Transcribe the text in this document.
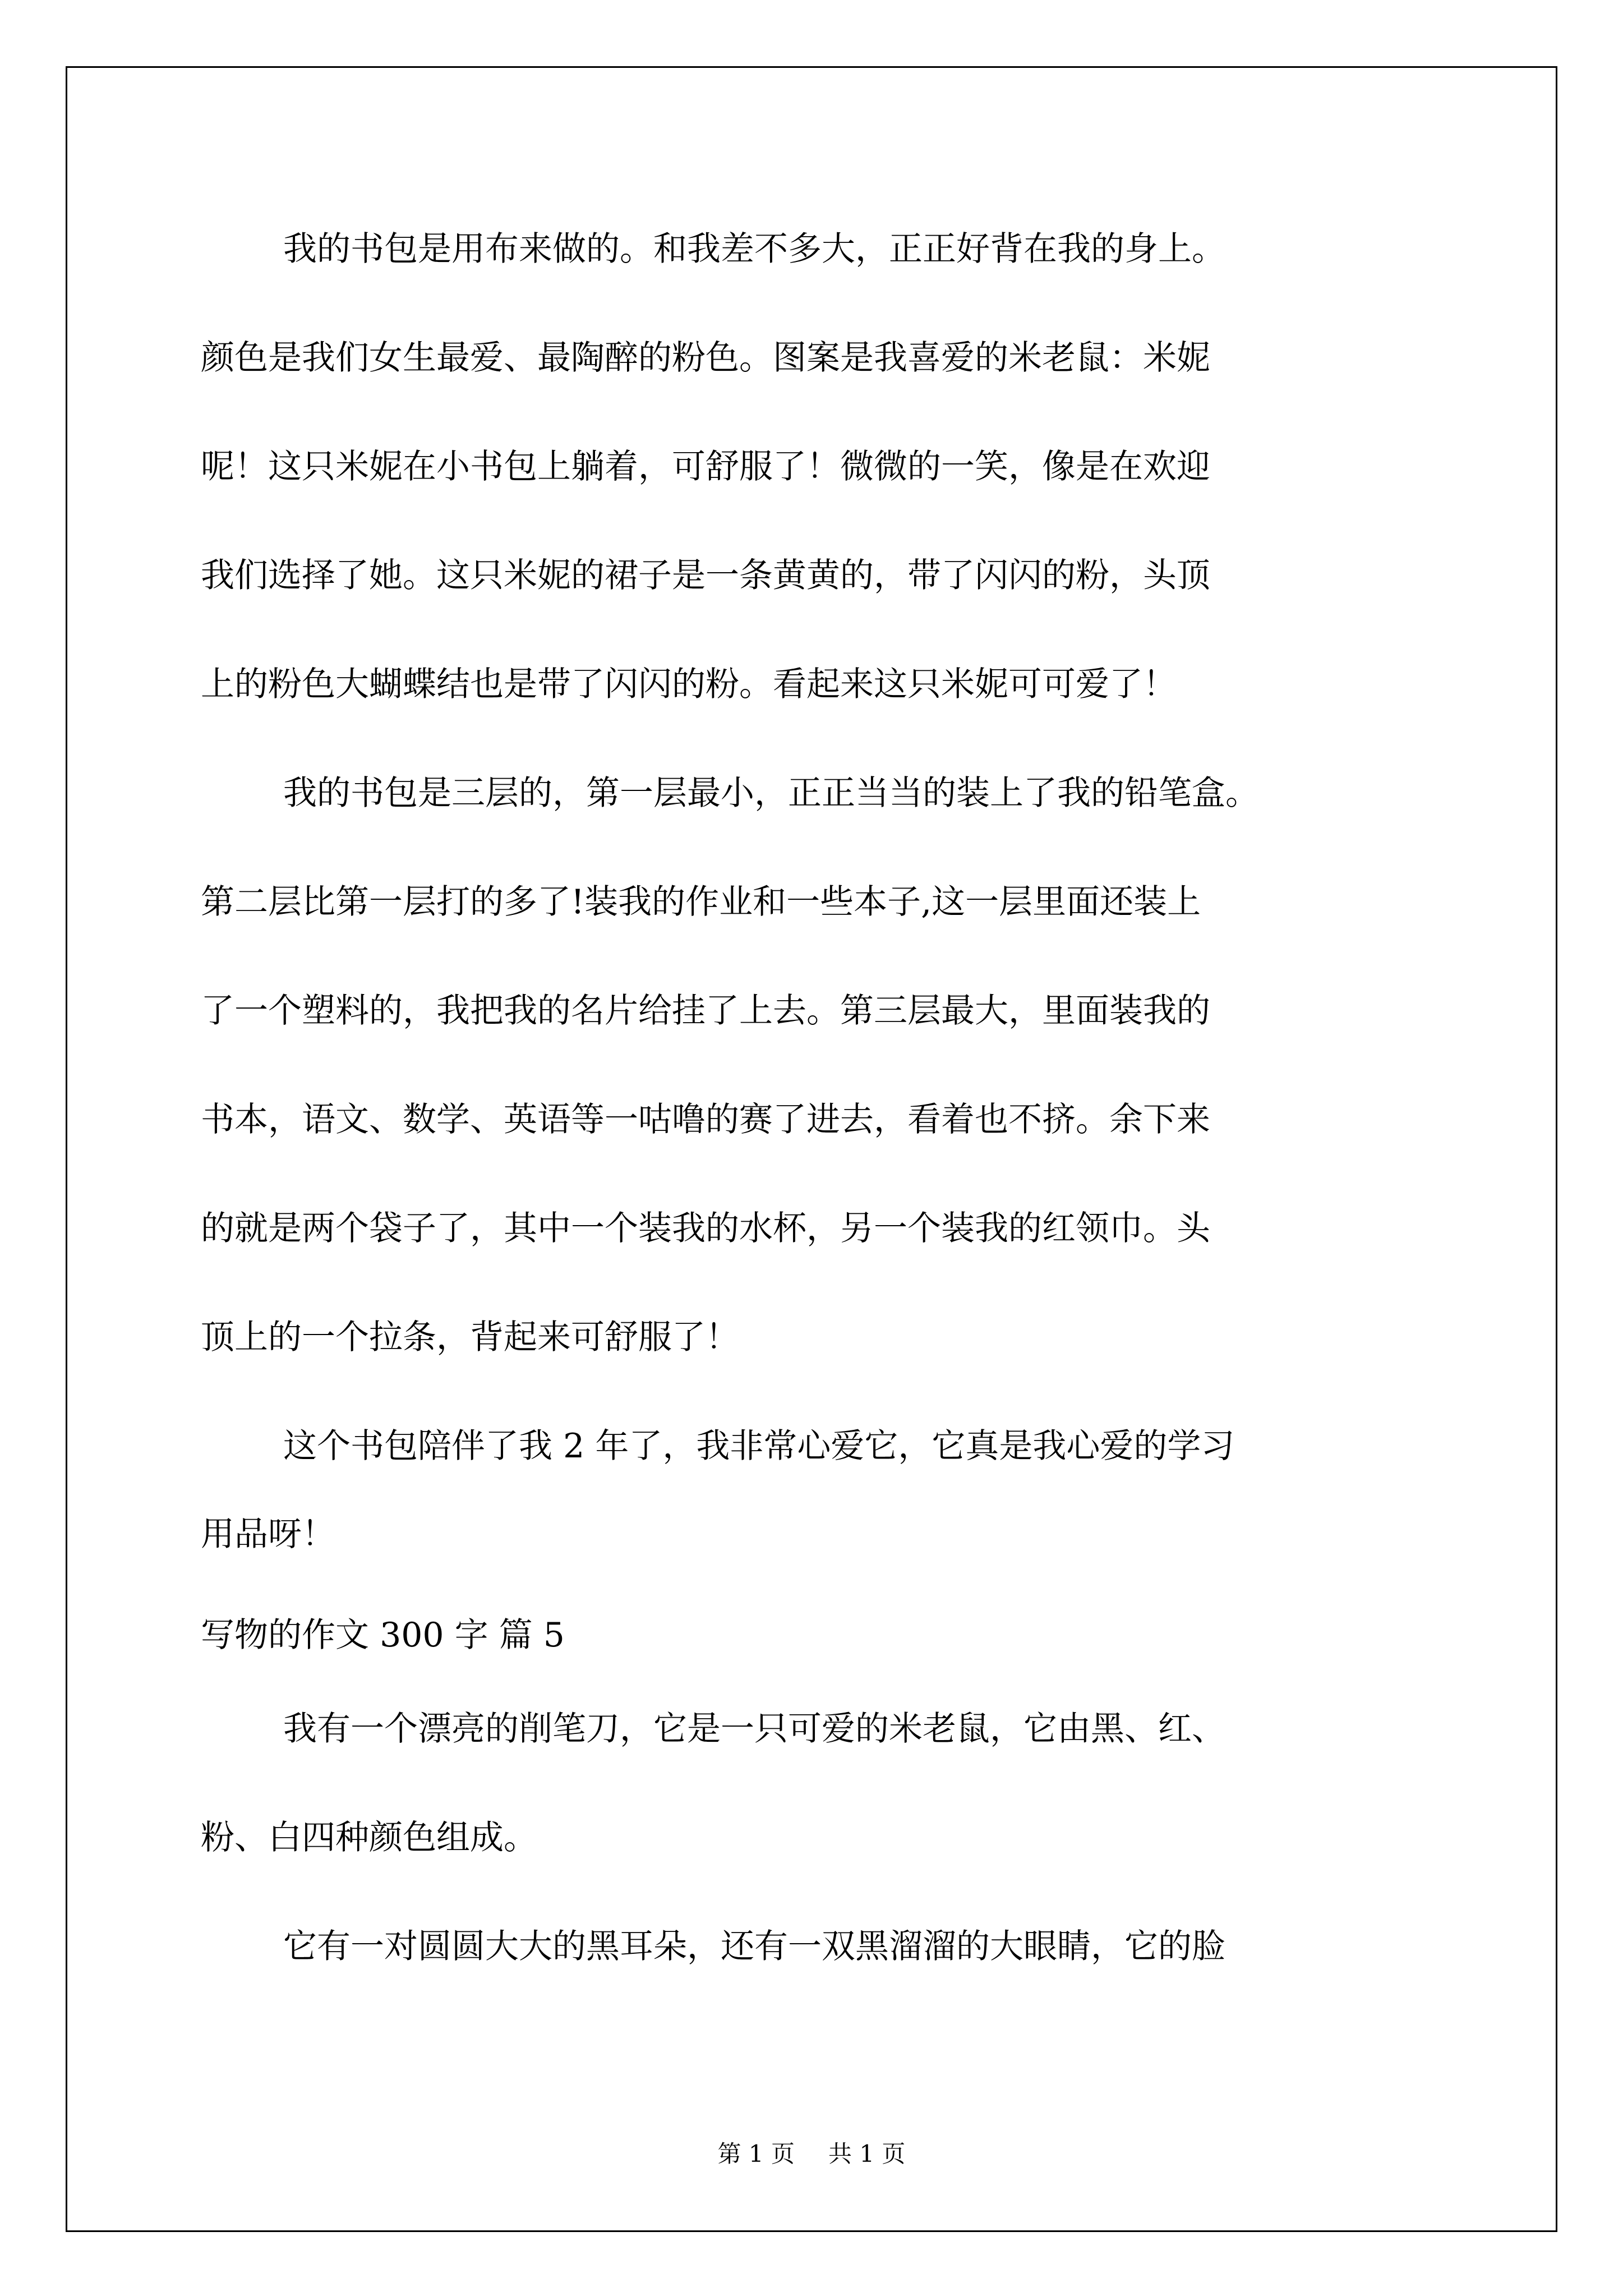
我的书包是用布来做的。和我差不多大，正正好背在我的身上。
颜色是我们女生最爱、最陶醉的粉色。图案是我喜爱的米老鼠：米妮
呢！这只米妮在小书包上躺着，可舒服了！微微的一笑，像是在欢迎
我们选择了她。这只米妮的裙子是一条黄黄的，带了闪闪的粉，头顶
上的粉色大蝴蝶结也是带了闪闪的粉。看起来这只米妮可可爱了！
我的书包是三层的，第一层最小，正正当当的装上了我的铅笔盒。
第二层比第一层打的多了!装我的作业和一些本子,这一层里面还装上
了一个塑料的，我把我的名片给挂了上去。第三层最大，里面装我的
书本，语文、数学、英语等一咕噜的赛了进去，看着也不挤。余下来
的就是两个袋子了，其中一个装我的水杯，另一个装我的红领巾。头
顶上的一个拉条，背起来可舒服了！
这个书包陪伴了我 2 年了，我非常心爱它，它真是我心爱的学习
用品呀！
写物的作文 300 字 篇 5
我有一个漂亮的削笔刀，它是一只可爱的米老鼠，它由黑、红、
粉、白四种颜色组成。
它有一对圆圆大大的黑耳朵，还有一双黑溜溜的大眼睛，它的脸
第 1 页 共 1 页
